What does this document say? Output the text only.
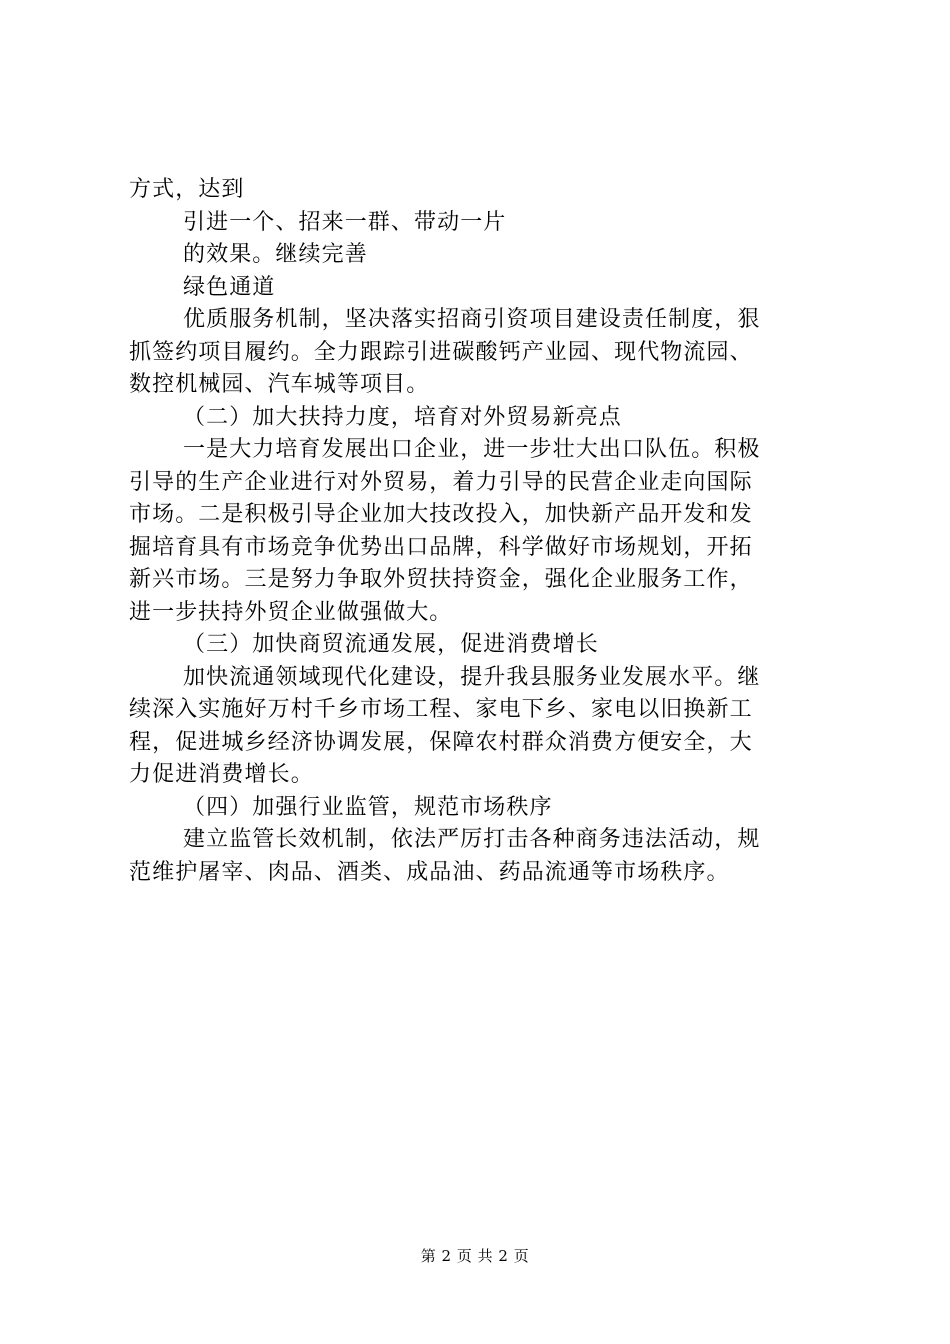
方式，达到
引进一个、招来一群、带动一片
的效果。继续完善
绿色通道
优质服务机制，坚决落实招商引资项目建设责任制度，狠
抓签约项目履约。全力跟踪引进碳酸钙产业园、现代物流园、
数控机械园、汽车城等项目。
（二）加大扶持力度，培育对外贸易新亮点
一是大力培育发展出口企业，进一步壮大出口队伍。积极
引导的生产企业进行对外贸易，着力引导的民营企业走向国际
市场。二是积极引导企业加大技改投入，加快新产品开发和发
掘培育具有市场竞争优势出口品牌，科学做好市场规划，开拓
新兴市场。三是努力争取外贸扶持资金，强化企业服务工作，
进一步扶持外贸企业做强做大。
（三）加快商贸流通发展，促进消费增长
加快流通领域现代化建设，提升我县服务业发展水平。继
续深入实施好万村千乡市场工程、家电下乡、家电以旧换新工
程，促进城乡经济协调发展，保障农村群众消费方便安全，大
力促进消费增长。
（四）加强行业监管，规范市场秩序
建立监管长效机制，依法严厉打击各种商务违法活动，规
范维护屠宰、肉品、酒类、成品油、药品流通等市场秩序。
第 2 页 共 2 页
